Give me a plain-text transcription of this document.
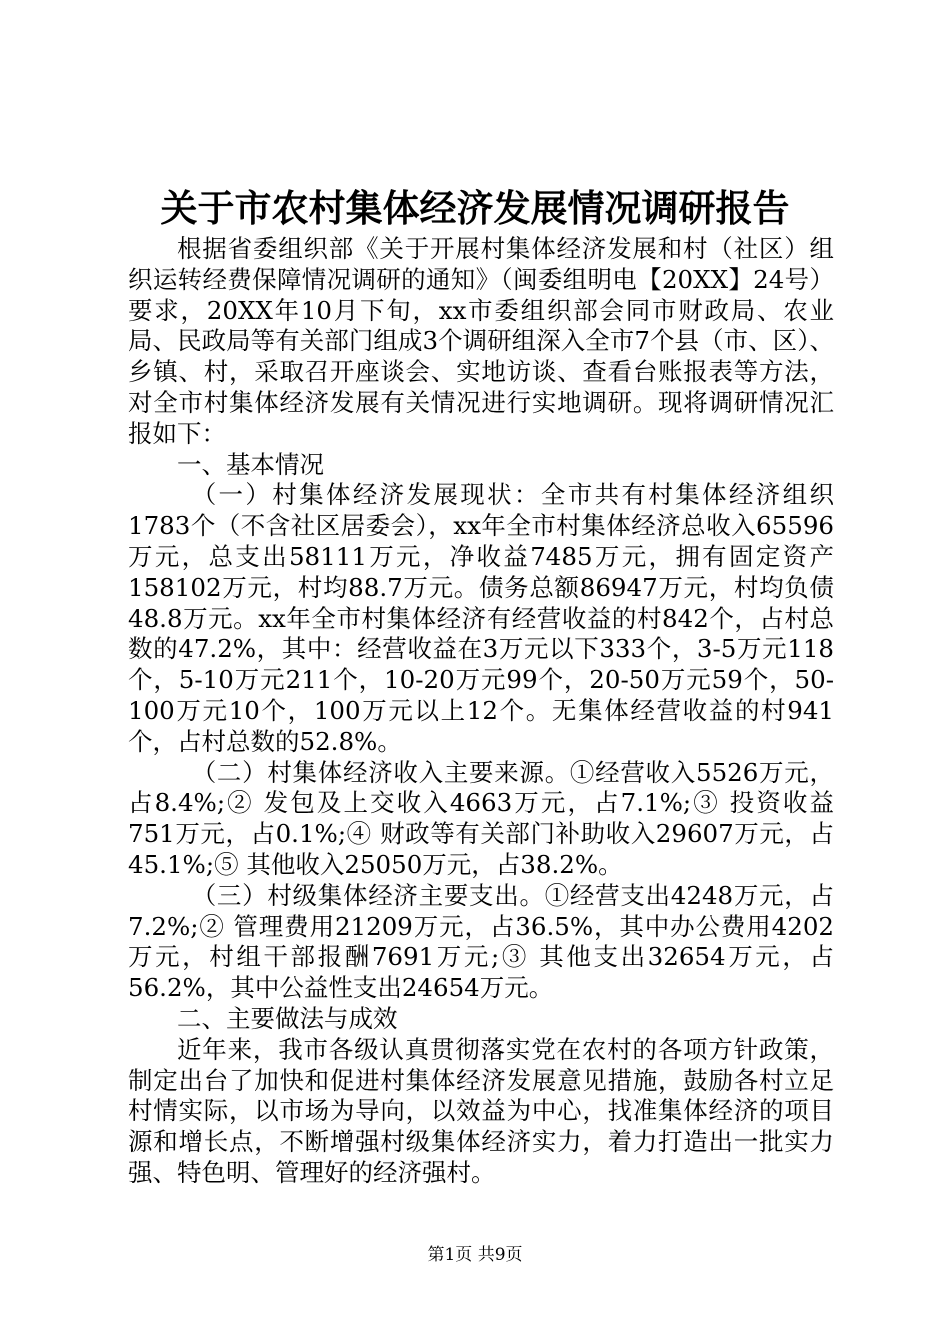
关于市农村集体经济发展情况调研报告

根据省委组织部《关于开展村集体经济发展和村（社区）组织运转经费保障情况调研的通知》（闽委组明电【20XX】24号）要求，20XX年10月下旬，xx市委组织部会同市财政局、农业局、民政局等有关部门组成3个调研组深入全市7个县（市、区）、乡镇、村，采取召开座谈会、实地访谈、查看台账报表等方法，对全市村集体经济发展有关情况进行实地调研。现将调研情况汇报如下：

一、基本情况

（一）村集体经济发展现状：全市共有村集体经济组织1783个（不含社区居委会），xx年全市村集体经济总收入65596万元，总支出58111万元，净收益7485万元，拥有固定资产158102万元，村均88.7万元。债务总额86947万元，村均负债48.8万元。xx年全市村集体经济有经营收益的村842个，占村总数的47.2%，其中：经营收益在3万元以下333个，3-5万元118个，5-10万元211个，10-20万元99个，20-50万元59个，50-100万元10个，100万元以上12个。无集体经营收益的村941个，占村总数的52.8%。

（二）村集体经济收入主要来源。①经营收入5526万元，占8.4%;② 发包及上交收入4663万元，占7.1%;③ 投资收益751万元，占0.1%;④ 财政等有关部门补助收入29607万元，占45.1%;⑤ 其他收入25050万元，占38.2%。

（三）村级集体经济主要支出。①经营支出4248万元，占7.2%;② 管理费用21209万元，占36.5%，其中办公费用4202万元，村组干部报酬7691万元;③ 其他支出32654万元，占56.2%，其中公益性支出24654万元。

二、主要做法与成效

近年来，我市各级认真贯彻落实党在农村的各项方针政策，制定出台了加快和促进村集体经济发展意见措施，鼓励各村立足村情实际，以市场为导向，以效益为中心，找准集体经济的项目源和增长点，不断增强村级集体经济实力，着力打造出一批实力强、特色明、管理好的经济强村。

第1页 共9页
